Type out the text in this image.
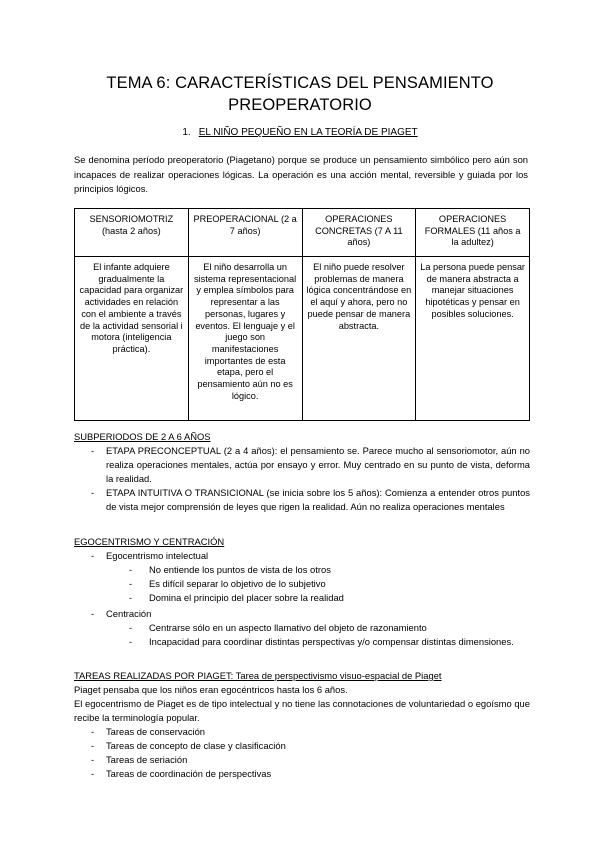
TEMA 6: CARACTERÍSTICAS DEL PENSAMIENTO
PREOPERATORIO
1. EL NIÑO PEQUEÑO EN LA TEORÍA DE PIAGET
Se denomina período preoperatorio (Piagetano) porque se produce un pensamiento simbólico pero aún son incapaces de realizar operaciones lógicas. La operación es una acción mental, reversible y guiada por los principios lógicos.
SENSORIOMOTRIZ (hasta 2 años)	PREOPERACIONAL (2 a 7 años)	OPERACIONES CONCRETAS (7 A 11 años)	OPERACIONES FORMALES (11 años a la adultez)
El infante adquiere gradualmente la capacidad para organizar actividades en relación con el ambiente a través de la actividad sensorial i motora (inteligencia práctica).	El niño desarrolla un sistema representacional y emplea símbolos para representar a las personas, lugares y eventos. El lenguaje y el juego son manifestaciones importantes de esta etapa, pero el pensamiento aún no es lógico.	El niño puede resolver problemas de manera lógica concentrándose en el aquí y ahora, pero no puede pensar de manera abstracta.	La persona puede pensar de manera abstracta a manejar situaciones hipotéticas y pensar en posibles soluciones.
SUBPERIODOS DE 2 A 6 AÑOS
- ETAPA PRECONCEPTUAL (2 a 4 años): el pensamiento se. Parece mucho al sensoriomotor, aún no realiza operaciones mentales, actúa por ensayo y error. Muy centrado en su punto de vista, deforma la realidad.
- ETAPA INTUITIVA O TRANSICIONAL (se inicia sobre los 5 años): Comienza a entender otros puntos de vista mejor comprensión de leyes que rigen la realidad. Aún no realiza operaciones mentales
EGOCENTRISMO Y CENTRACIÓN
- Egocentrismo intelectual
- No entiende los puntos de vista de los otros
- Es difícil separar lo objetivo de lo subjetivo
- Domina el principio del placer sobre la realidad
- Centración
- Centrarse sólo en un aspecto llamativo del objeto de razonamiento
- Incapacidad para coordinar distintas perspectivas y/o compensar distintas dimensiones.
TAREAS REALIZADAS POR PIAGET: Tarea de perspectivismo visuo-espacial de Piaget
Piaget pensaba que los niños eran egocéntricos hasta los 6 años.
El egocentrismo de Piaget es de tipo intelectual y no tiene las connotaciones de voluntariedad o egoísmo que recibe la terminología popular.
- Tareas de conservación
- Tareas de concepto de clase y clasificación
- Tareas de seriación
- Tareas de coordinación de perspectivas
